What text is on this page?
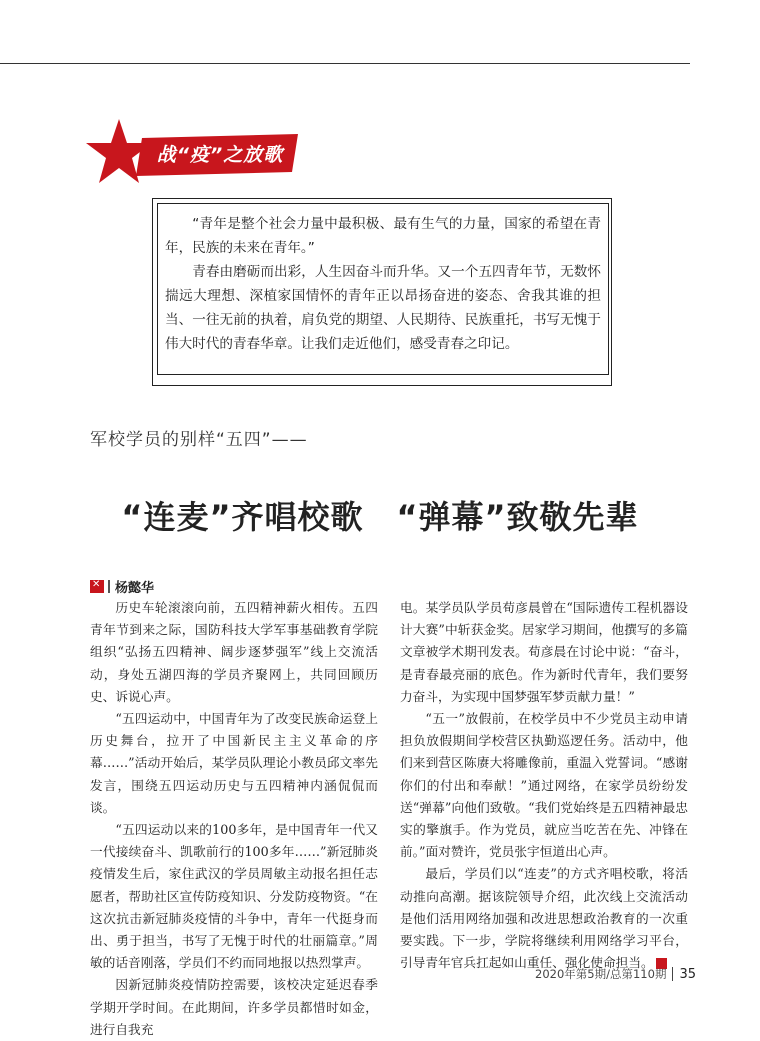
战“疫”之放歌

“青年是整个社会力量中最积极、最有生气的力量，国家的希望在青年，民族的未来在青年。”

青春由磨砺而出彩，人生因奋斗而升华。又一个五四青年节，无数怀揣远大理想、深植家国情怀的青年正以昂扬奋进的姿态、舍我其谁的担当、一往无前的执着，肩负党的期望、人民期待、民族重托，书写无愧于伟大时代的青春华章。让我们走近他们，感受青春之印记。

军校学员的别样“五四”——
“连麦”齐唱校歌　“弹幕”致敬先辈
✕
杨懿华

历史车轮滚滚向前，五四精神薪火相传。五四青年节到来之际，国防科技大学军事基础教育学院组织“弘扬五四精神、阔步逐梦强军”线上交流活动，身处五湖四海的学员齐聚网上，共同回顾历史、诉说心声。

“五四运动中，中国青年为了改变民族命运登上历史舞台，拉开了中国新民主主义革命的序幕……”活动开始后，某学员队理论小教员邱文率先发言，围绕五四运动历史与五四精神内涵侃侃而谈。

“五四运动以来的100多年，是中国青年一代又一代接续奋斗、凯歌前行的100多年……”新冠肺炎疫情发生后，家住武汉的学员周敏主动报名担任志愿者，帮助社区宣传防疫知识、分发防疫物资。“在这次抗击新冠肺炎疫情的斗争中，青年一代挺身而出、勇于担当，书写了无愧于时代的壮丽篇章。”周敏的话音刚落，学员们不约而同地报以热烈掌声。

因新冠肺炎疫情防控需要，该校决定延迟春季学期开学时间。在此期间，许多学员都惜时如金，进行自我充

电。某学员队学员荀彦晨曾在“国际遗传工程机器设计大赛”中斩获金奖。居家学习期间，他撰写的多篇文章被学术期刊发表。荀彦晨在讨论中说：“奋斗，是青春最亮丽的底色。作为新时代青年，我们要努力奋斗，为实现中国梦强军梦贡献力量！”

“五一”放假前，在校学员中不少党员主动申请担负放假期间学校营区执勤巡逻任务。活动中，他们来到营区陈赓大将雕像前，重温入党誓词。“感谢你们的付出和奉献！”通过网络，在家学员纷纷发送“弹幕”向他们致敬。“我们党始终是五四精神最忠实的擎旗手。作为党员，就应当吃苦在先、冲锋在前。”面对赞许，党员张宇恒道出心声。

最后，学员们以“连麦”的方式齐唱校歌，将活动推向高潮。据该院领导介绍，此次线上交流活动是他们活用网络加强和改进思想政治教育的一次重要实践。下一步，学院将继续利用网络学习平台，引导青年官兵扛起如山重任、强化使命担当。	G

2020年第5期/总第110期 35
